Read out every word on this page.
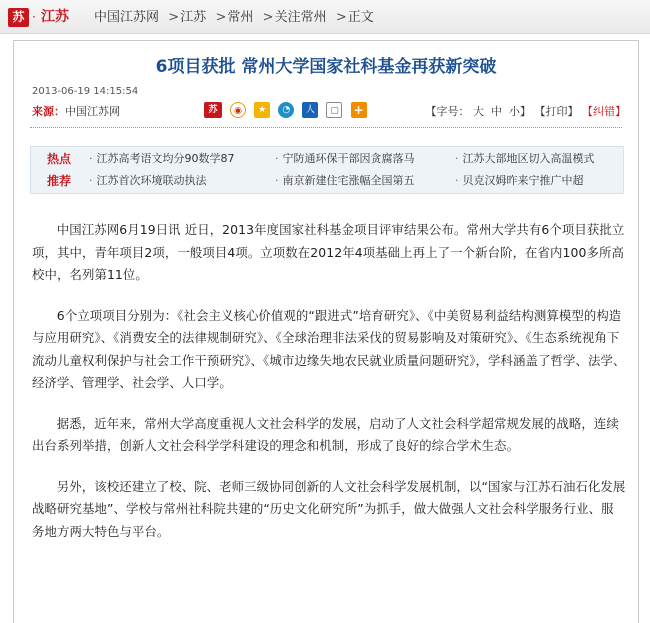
苏 · 江苏 中国江苏网  >江苏  >常州  >关注常州  >正文
6项目获批 常州大学国家社科基金再获新突破
2013-06-19 14:15:54
来源：中国江苏网	苏 ◉ ★ ◔ 人 ▢ +	【字号： 大 中 小】 【打印】 【纠错】
热点	· 江苏高考语文均分90数学87	· 宁防通环保干部因贪腐落马	· 江苏大部地区切入高温模式
推荐	· 江苏首次环境联动执法	· 南京新建住宅涨幅全国第五	· 贝克汉姆昨来宁推广中超

中国江苏网6月19日讯 近日，2013年度国家社科基金项目评审结果公布。常州大学共有6个项目获批立项，其中，青年项目2项，一般项目4项。立项数在2012年4项基础上再上了一个新台阶，在省内100多所高校中，名列第11位。

6个立项项目分别为：《社会主义核心价值观的“跟进式”培育研究》、《中美贸易利益结构测算模型的构造与应用研究》、《消费安全的法律规制研究》、《全球治理非法采伐的贸易影响及对策研究》、《生态系统视角下流动儿童权利保护与社会工作干预研究》、《城市边缘失地农民就业质量问题研究》，学科涵盖了哲学、法学、经济学、管理学、社会学、人口学。

据悉，近年来，常州大学高度重视人文社会科学的发展，启动了人文社会科学超常规发展的战略，连续出台系列举措，创新人文社会科学学科建设的理念和机制，形成了良好的综合学术生态。

另外，该校还建立了校、院、老师三级协同创新的人文社会科学发展机制，以“国家与江苏石油石化发展战略研究基地”、学校与常州社科院共建的“历史文化研究所”为抓手，做大做强人文社会科学服务行业、服务地方两大特色与平台。
